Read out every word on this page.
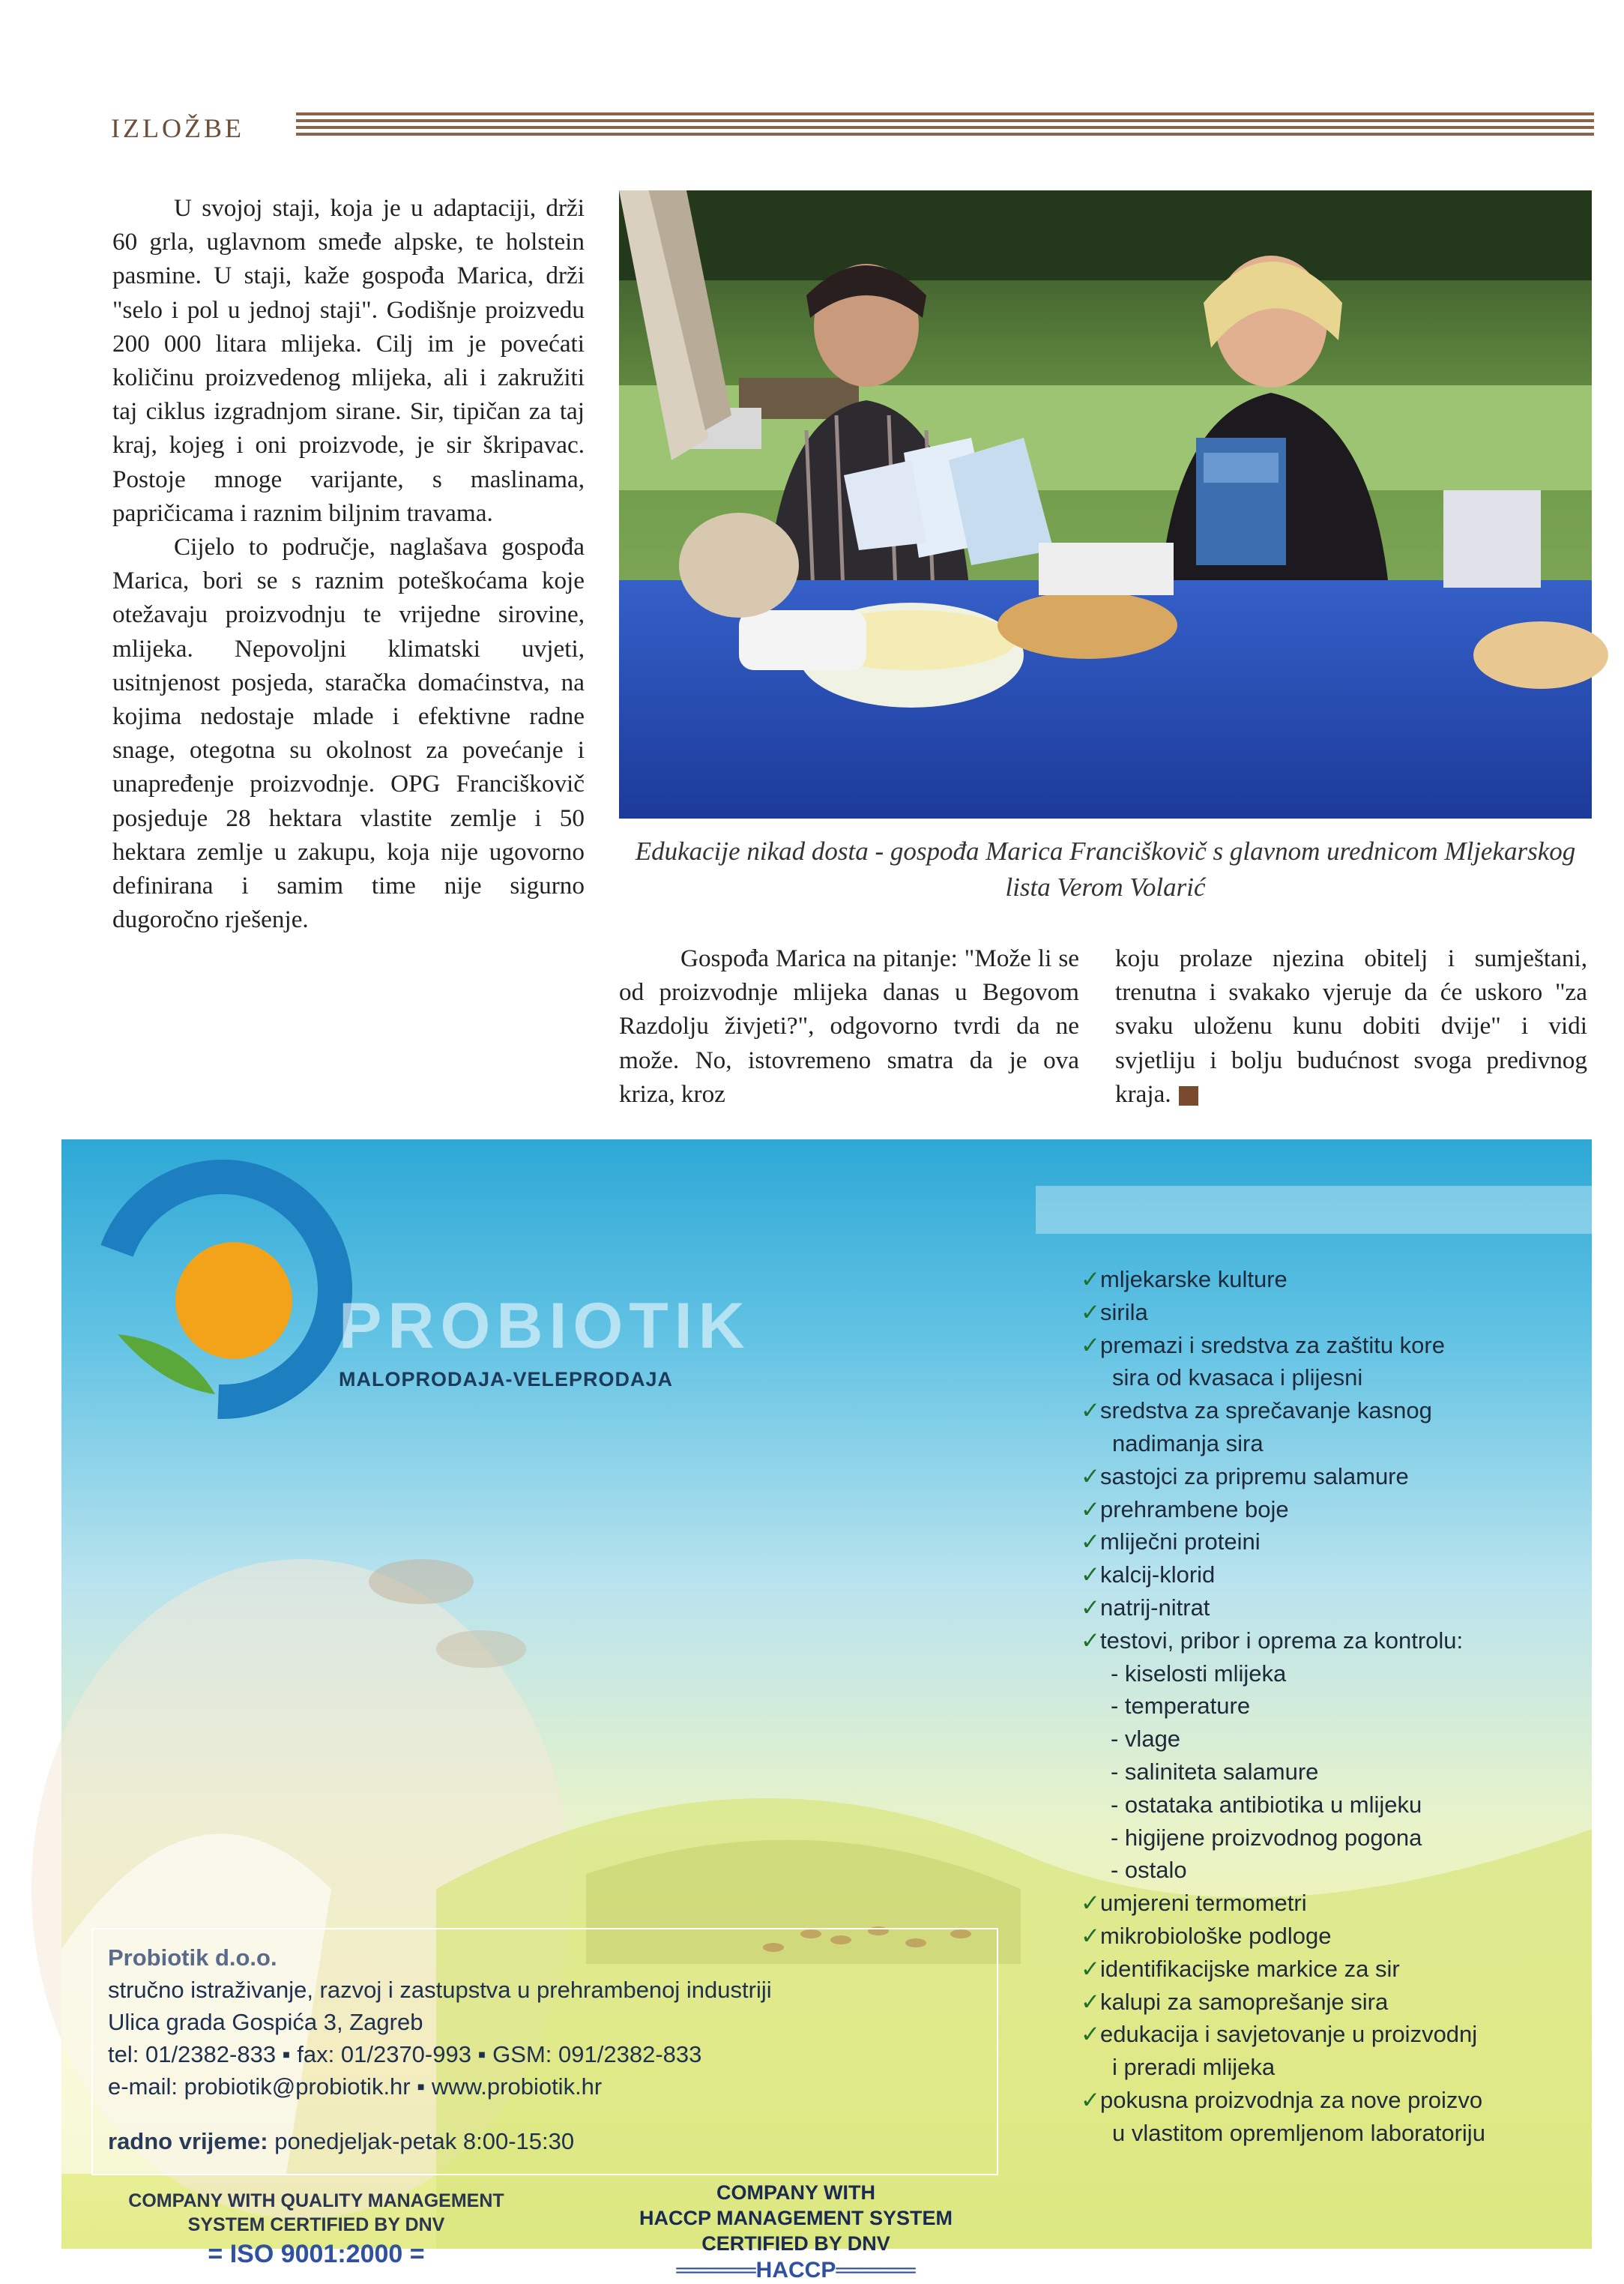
IZLOŽBE

U svojoj staji, koja je u adaptaciji, drži 60 grla, uglavnom smeđe alpske, te holstein pasmine. U staji, kaže gospođa Marica, drži "selo i pol u jednoj staji". Godišnje proizvedu 200 000 litara mlijeka. Cilj im je povećati količinu proizvedenog mlijeka, ali i zakružiti taj ciklus izgradnjom sirane. Sir, tipičan za taj kraj, kojeg i oni proizvode, je sir škripavac. Postoje mnoge varijante, s maslinama, papričicama i raznim biljnim travama.

Cijelo to područje, naglašava gospođa Marica, bori se s raznim poteškoćama koje otežavaju proizvodnju te vrijedne sirovine, mlijeka. Nepovoljni klimatski uvjeti, usitnjenost posjeda, staračka domaćinstva, na kojima nedostaje mlade i efektivne radne snage, otegotna su okolnost za povećanje i unapređenje proizvodnje. OPG Franciškovič posjeduje 28 hektara vlastite zemlje i 50 hektara zemlje u zakupu, koja nije ugovorno definirana i samim time nije sigurno dugoročno rješenje.

Edukacije nikad dosta - gospođa Marica Franciškovič s glavnom urednicom Mljekarskog lista Verom Volarić

Gospođa Marica na pitanje: "Može li se od proizvodnje mlijeka danas u Begovom Razdolju živjeti?", odgovorno tvrdi da ne može. No, istovremeno smatra da je ova kriza, kroz

koju prolaze njezina obitelj i sumještani, trenutna i svakako vjeruje da će uskoro "za svaku uloženu kunu dobiti dvije" i vidi svjetliju i bolju budućnost svoga predivnog kraja.

PROBIOTIK
MALOPRODAJA-VELEPRODAJA
✓mljekarske kulture
✓sirila
✓premazi i sredstva za zaštitu kore
sira od kvasaca i plijesni
✓sredstva za sprečavanje kasnog
nadimanja sira
✓sastojci za pripremu salamure
✓prehrambene boje
✓mliječni proteini
✓kalcij-klorid
✓natrij-nitrat
✓testovi, pribor i oprema za kontrolu:
- kiselosti mlijeka
- temperature
- vlage
- saliniteta salamure
- ostataka antibiotika u mlijeku
- higijene proizvodnog pogona
- ostalo
✓umjereni termometri
✓mikrobiološke podloge
✓identifikacijske markice za sir
✓kalupi za samoprešanje sira
✓edukacija i savjetovanje u proizvodnj
i preradi mlijeka
✓pokusna proizvodnja za nove proizvo
u vlastitom opremljenom laboratoriju
Probiotik d.o.o.
stručno istraživanje, razvoj i zastupstva u prehrambenoj industriji
Ulica grada Gospića 3, Zagreb
tel: 01/2382-833 ▪ fax: 01/2370-993 ▪ GSM: 091/2382-833
e-mail: probiotik@probiotik.hr ▪ www.probiotik.hr
radno vrijeme: ponedjeljak-petak 8:00-15:30
COMPANY WITH QUALITY MANAGEMENT
SYSTEM CERTIFIED BY DNV
= ISO 9001:2000 =
COMPANY WITH
HACCP MANAGEMENT SYSTEM
CERTIFIED BY DNV
═════HACCP═════
